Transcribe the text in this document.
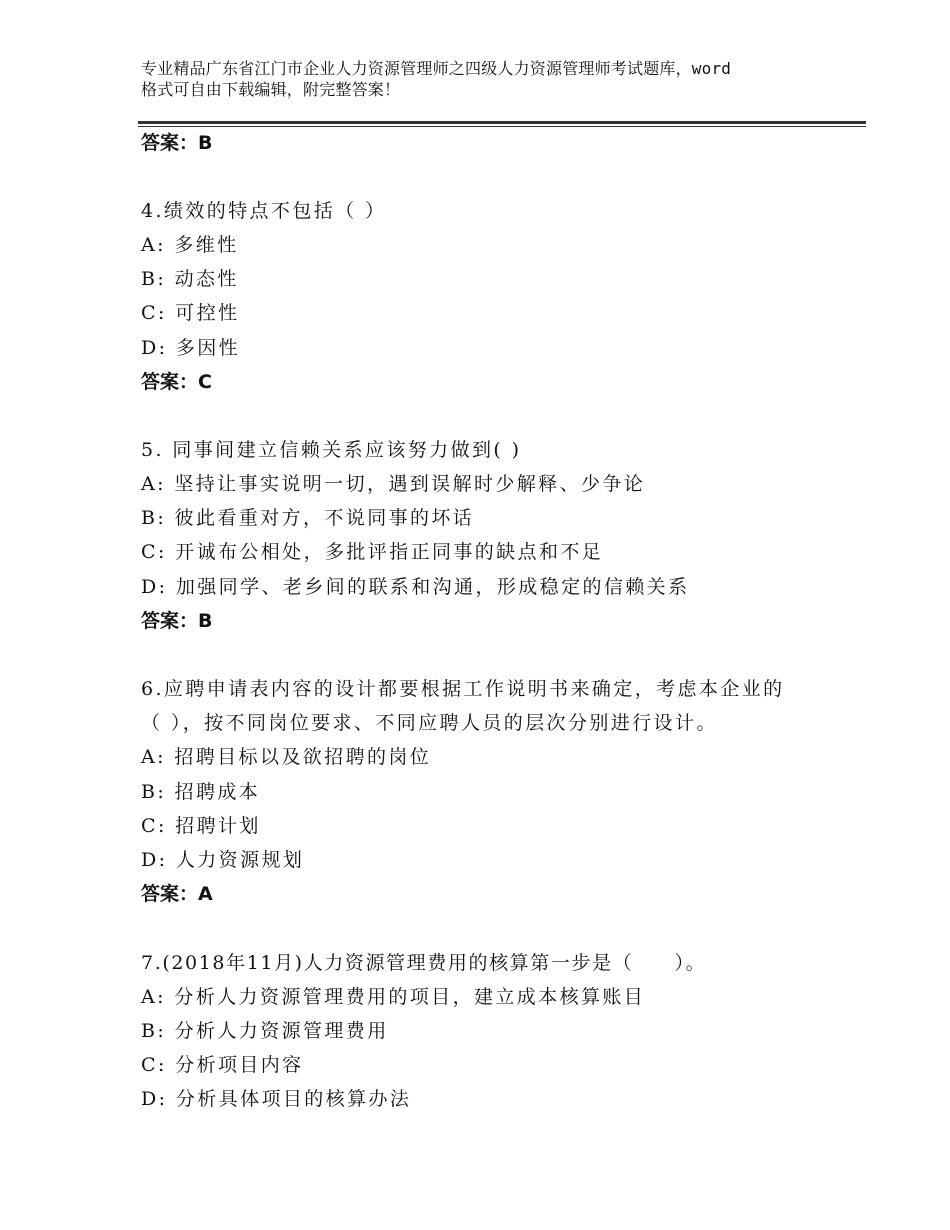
专业精品广东省江门市企业人力资源管理师之四级人力资源管理师考试题库，word
格式可自由下载编辑，附完整答案！
答案：B
4.绩效的特点不包括（ ）
A: 多维性
B: 动态性
C: 可控性
D: 多因性
答案：C
5. 同事间建立信赖关系应该努力做到( )
A: 坚持让事实说明一切，遇到误解时少解释、少争论
B: 彼此看重对方，不说同事的坏话
C: 开诚布公相处，多批评指正同事的缺点和不足
D: 加强同学、老乡间的联系和沟通，形成稳定的信赖关系
答案：B
6.应聘申请表内容的设计都要根据工作说明书来确定，考虑本企业的
（ ），按不同岗位要求、不同应聘人员的层次分别进行设计。
A: 招聘目标以及欲招聘的岗位
B: 招聘成本
C: 招聘计划
D: 人力资源规划
答案：A
7.(2018年11月)人力资源管理费用的核算第一步是（　　）。
A: 分析人力资源管理费用的项目，建立成本核算账目
B: 分析人力资源管理费用
C: 分析项目内容
D: 分析具体项目的核算办法
